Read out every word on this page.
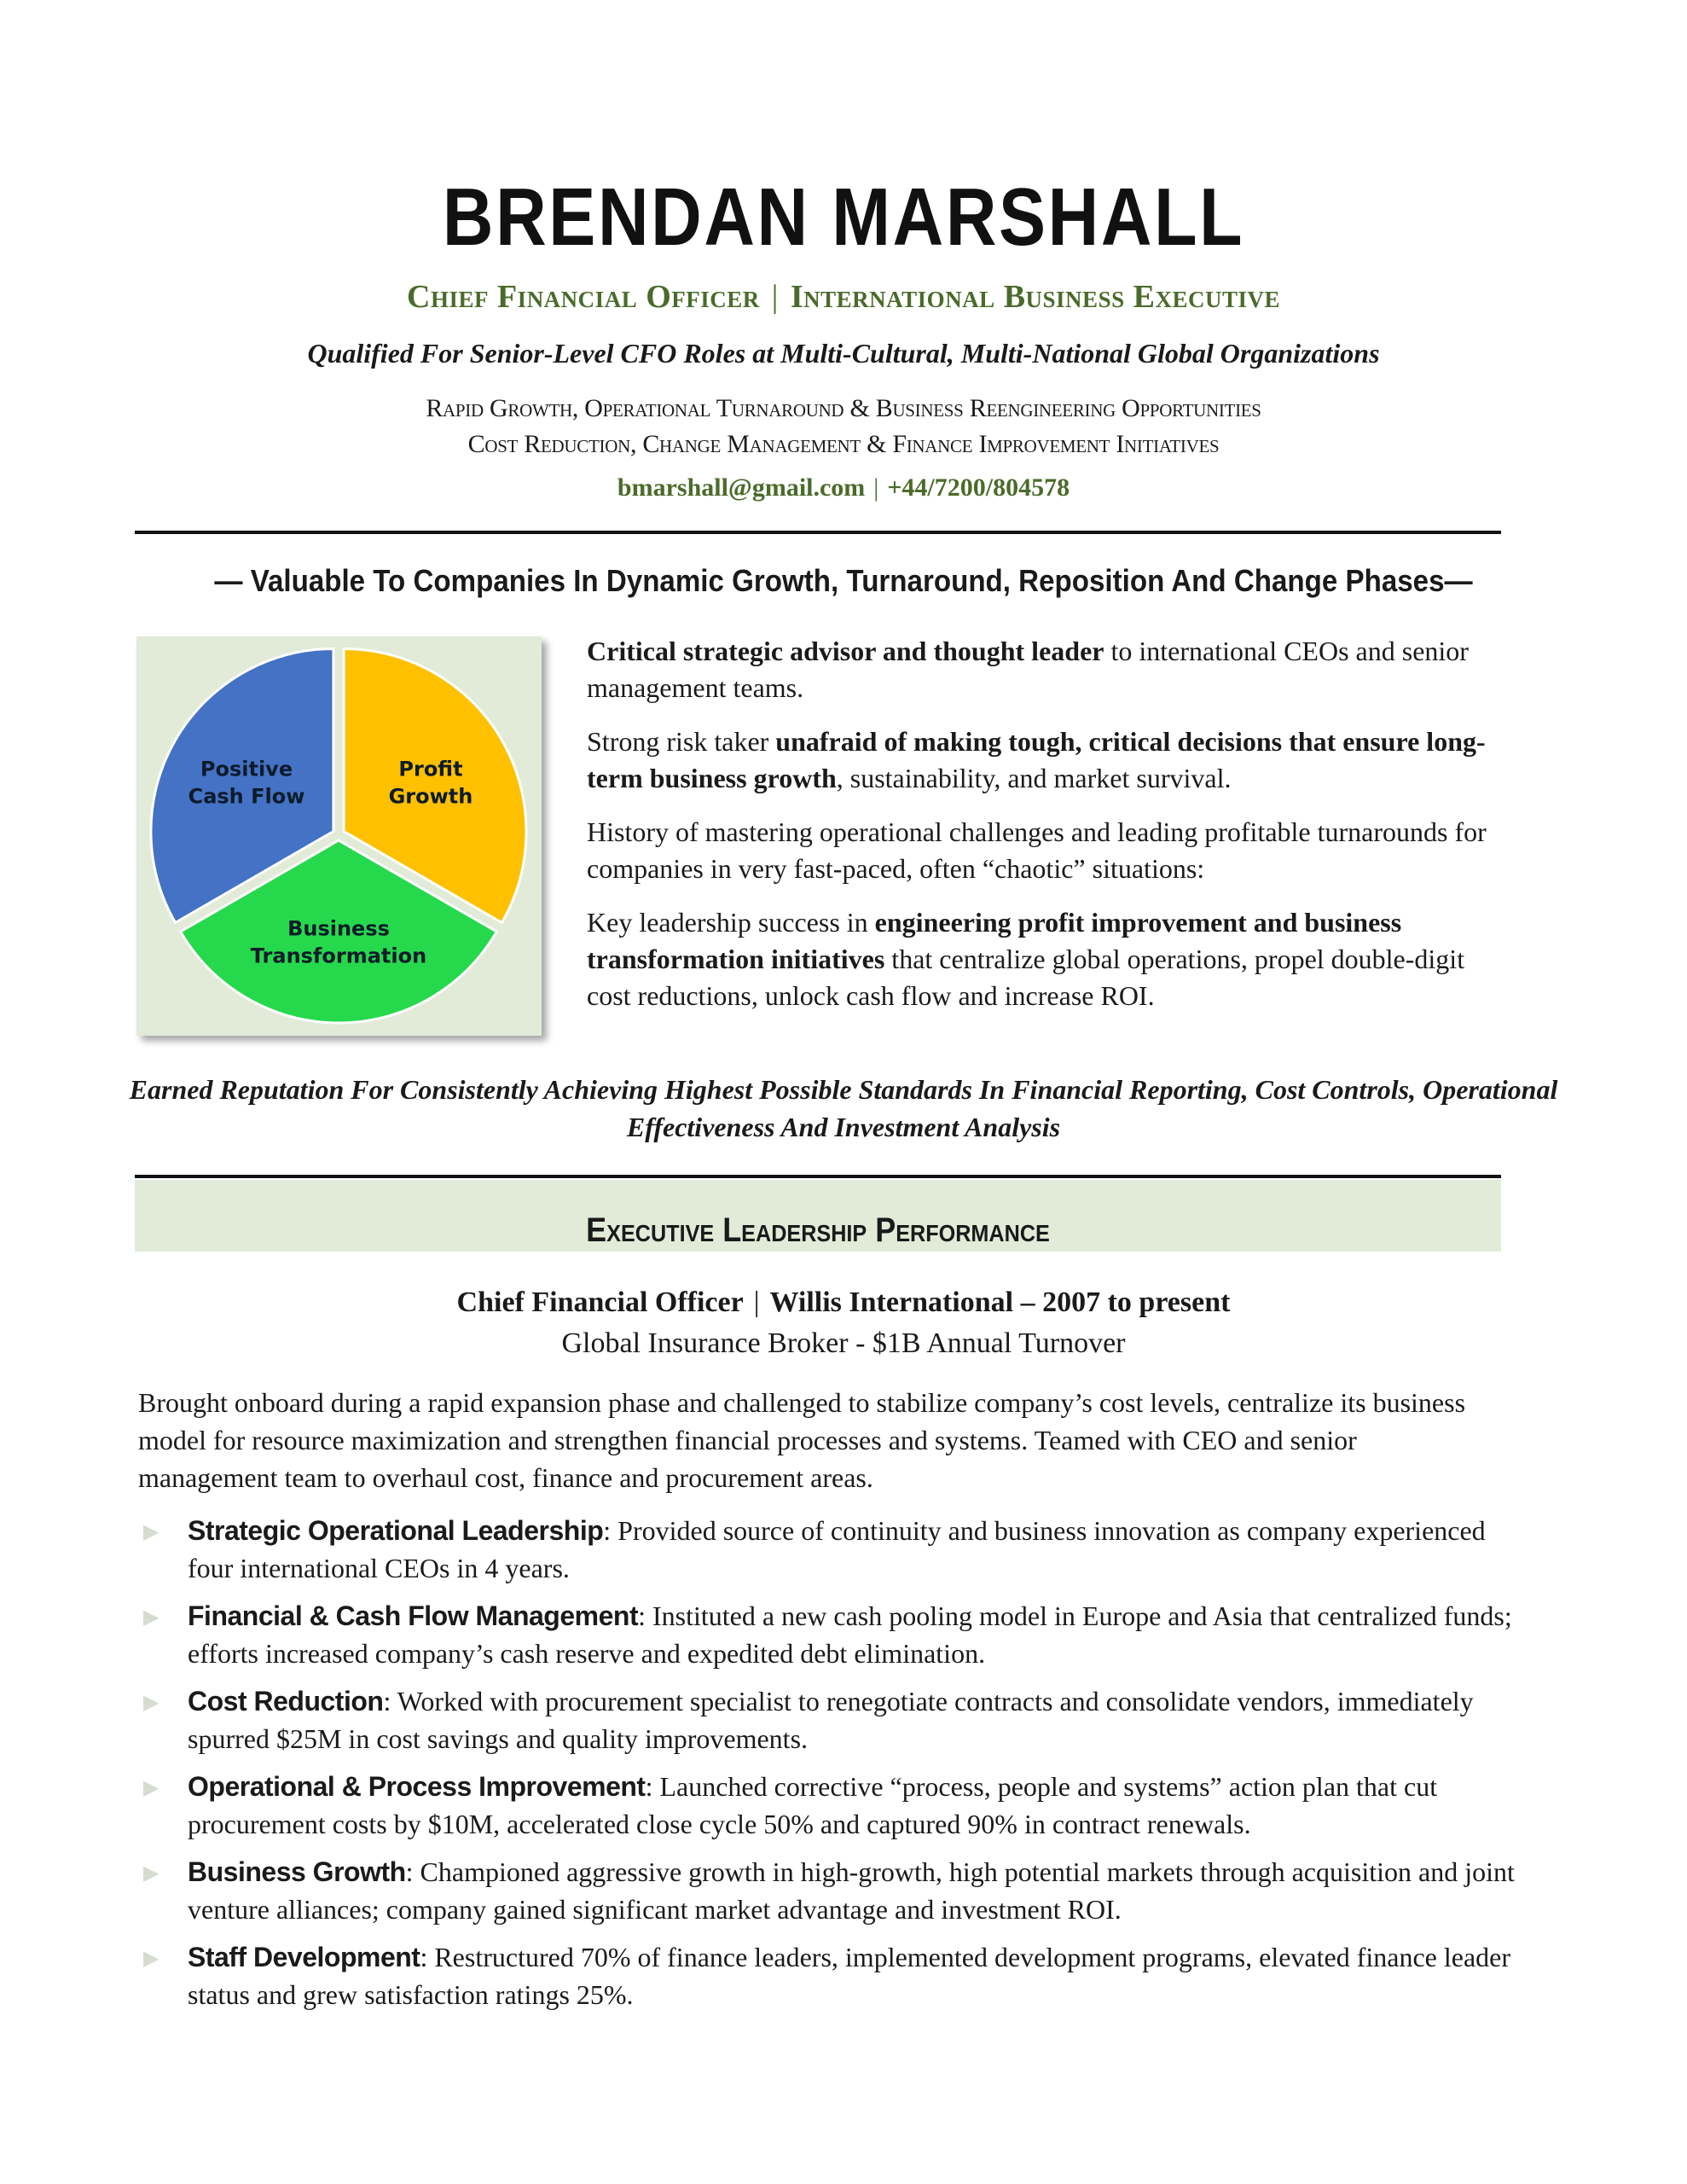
BRENDAN MARSHALL
Chief Financial Officer | International Business Executive
Qualified For Senior-Level CFO Roles at Multi-Cultural, Multi-National Global Organizations
Rapid Growth, Operational Turnaround & Business Reengineering Opportunities
Cost Reduction, Change Management & Finance Improvement Initiatives
bmarshall@gmail.com | +44/7200/804578
— Valuable To Companies In Dynamic Growth, Turnaround, Reposition And Change Phases—
Profit
Growth
Business
Transformation
Positive
Cash Flow

Critical strategic advisor and thought leader to international CEOs and senior management teams.

Strong risk taker unafraid of making tough, critical decisions that ensure long-term business growth, sustainability, and market survival.

History of mastering operational challenges and leading profitable turnarounds for companies in very fast-paced, often “chaotic” situations:

Key leadership success in engineering profit improvement and business transformation initiatives that centralize global operations, propel double-digit cost reductions, unlock cash flow and increase ROI.

Earned Reputation For Consistently Achieving Highest Possible Standards In Financial Reporting, Cost Controls, Operational Effectiveness And Investment Analysis
Executive Leadership Performance
Chief Financial Officer | Willis International – 2007 to present
Global Insurance Broker - $1B Annual Turnover
Brought onboard during a rapid expansion phase and challenged to stabilize company’s cost levels, centralize its business model for resource maximization and strengthen financial processes and systems. Teamed with CEO and senior management team to overhaul cost, finance and procurement areas.
▶ Strategic Operational Leadership: Provided source of continuity and business innovation as company experienced four international CEOs in 4 years.
▶ Financial & Cash Flow Management: Instituted a new cash pooling model in Europe and Asia that centralized funds; efforts increased company’s cash reserve and expedited debt elimination.
▶ Cost Reduction: Worked with procurement specialist to renegotiate contracts and consolidate vendors, immediately spurred $25M in cost savings and quality improvements.
▶ Operational & Process Improvement: Launched corrective “process, people and systems” action plan that cut procurement costs by $10M, accelerated close cycle 50% and captured 90% in contract renewals.
▶ Business Growth: Championed aggressive growth in high-growth, high potential markets through acquisition and joint venture alliances; company gained significant market advantage and investment ROI.
▶ Staff Development: Restructured 70% of finance leaders, implemented development programs, elevated finance leader status and grew satisfaction ratings 25%.
